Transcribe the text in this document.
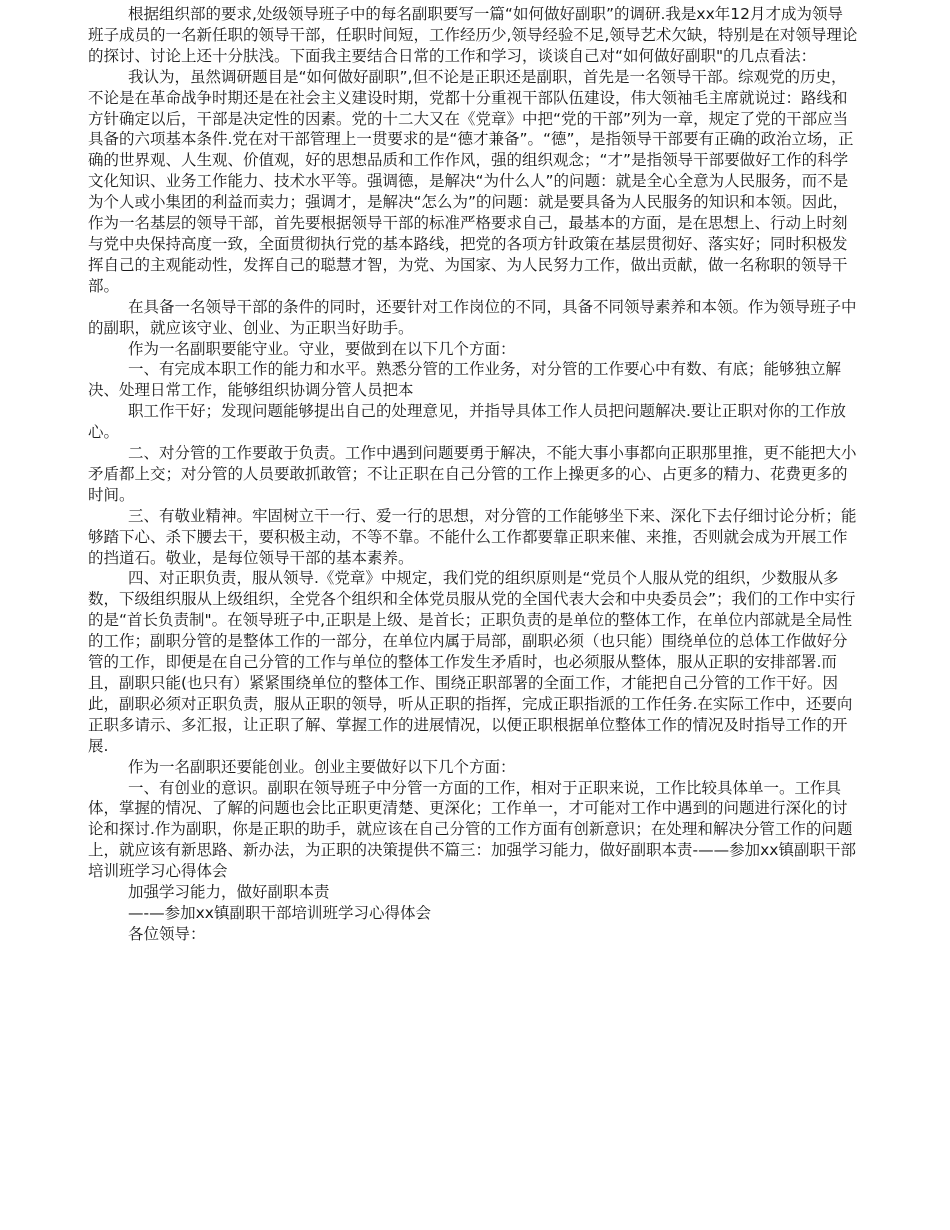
根据组织部的要求,处级领导班子中的每名副职要写一篇“如何做好副职”的调研.我是xx年12月才成为领导班子成员的一名新任职的领导干部，任职时间短，工作经历少,领导经验不足,领导艺术欠缺，特别是在对领导理论的探讨、讨论上还十分肤浅。下面我主要结合日常的工作和学习，谈谈自己对“如何做好副职"的几点看法：

我认为，虽然调研题目是“如何做好副职”,但不论是正职还是副职，首先是一名领导干部。综观党的历史，不论是在革命战争时期还是在社会主义建设时期，党都十分重视干部队伍建设，伟大领袖毛主席就说过：路线和方针确定以后，干部是决定性的因素。党的十二大又在《党章》中把“党的干部”列为一章，规定了党的干部应当具备的六项基本条件.党在对干部管理上一贯要求的是“德才兼备”。“德”，是指领导干部要有正确的政治立场，正确的世界观、人生观、价值观，好的思想品质和工作作风，强的组织观念；“才”是指领导干部要做好工作的科学文化知识、业务工作能力、技术水平等。强调德，是解决“为什么人”的问题：就是全心全意为人民服务，而不是为个人或小集团的利益而卖力；强调才，是解决“怎么为”的问题：就是要具备为人民服务的知识和本领。因此，作为一名基层的领导干部，首先要根据领导干部的标准严格要求自己，最基本的方面，是在思想上、行动上时刻与党中央保持高度一致，全面贯彻执行党的基本路线，把党的各项方针政策在基层贯彻好、落实好；同时积极发挥自己的主观能动性，发挥自己的聪慧才智，为党、为国家、为人民努力工作，做出贡献，做一名称职的领导干部。

在具备一名领导干部的条件的同时，还要针对工作岗位的不同，具备不同领导素养和本领。作为领导班子中的副职，就应该守业、创业、为正职当好助手。

作为一名副职要能守业。守业，要做到在以下几个方面：

一、有完成本职工作的能力和水平。熟悉分管的工作业务，对分管的工作要心中有数、有底；能够独立解决、处理日常工作，能够组织协调分管人员把本

职工作干好；发现问题能够提出自己的处理意见，并指导具体工作人员把问题解决.要让正职对你的工作放心。

二、对分管的工作要敢于负责。工作中遇到问题要勇于解决，不能大事小事都向正职那里推，更不能把大小矛盾都上交；对分管的人员要敢抓敢管；不让正职在自己分管的工作上操更多的心、占更多的精力、花费更多的时间。

三、有敬业精神。牢固树立干一行、爱一行的思想，对分管的工作能够坐下来、深化下去仔细讨论分析；能够踏下心、杀下腰去干，要积极主动，不等不靠。不能什么工作都要靠正职来催、来推，否则就会成为开展工作的挡道石。敬业，是每位领导干部的基本素养。

四、对正职负责，服从领导.《党章》中规定，我们党的组织原则是“党员个人服从党的组织，少数服从多数，下级组织服从上级组织，全党各个组织和全体党员服从党的全国代表大会和中央委员会”；我们的工作中实行的是“首长负责制"。在领导班子中,正职是上级、是首长；正职负责的是单位的整体工作，在单位内部就是全局性的工作；副职分管的是整体工作的一部分，在单位内属于局部，副职必须（也只能）围绕单位的总体工作做好分管的工作，即便是在自己分管的工作与单位的整体工作发生矛盾时，也必须服从整体，服从正职的安排部署.而且，副职只能(也只有）紧紧围绕单位的整体工作、围绕正职部署的全面工作，才能把自己分管的工作干好。因此，副职必须对正职负责，服从正职的领导，听从正职的指挥，完成正职指派的工作任务.在实际工作中，还要向正职多请示、多汇报，让正职了解、掌握工作的进展情况，以便正职根据单位整体工作的情况及时指导工作的开展.

作为一名副职还要能创业。创业主要做好以下几个方面：

一、有创业的意识。副职在领导班子中分管一方面的工作，相对于正职来说，工作比较具体单一。工作具体，掌握的情况、了解的问题也会比正职更清楚、更深化；工作单一，才可能对工作中遇到的问题进行深化的讨论和探讨.作为副职，你是正职的助手，就应该在自己分管的工作方面有创新意识；在处理和解决分管工作的问题上，就应该有新思路、新办法，为正职的决策提供不篇三：加强学习能力，做好副职本责-——参加xx镇副职干部培训班学习心得体会

加强学习能力，做好副职本责

—-—参加xx镇副职干部培训班学习心得体会

各位领导：
